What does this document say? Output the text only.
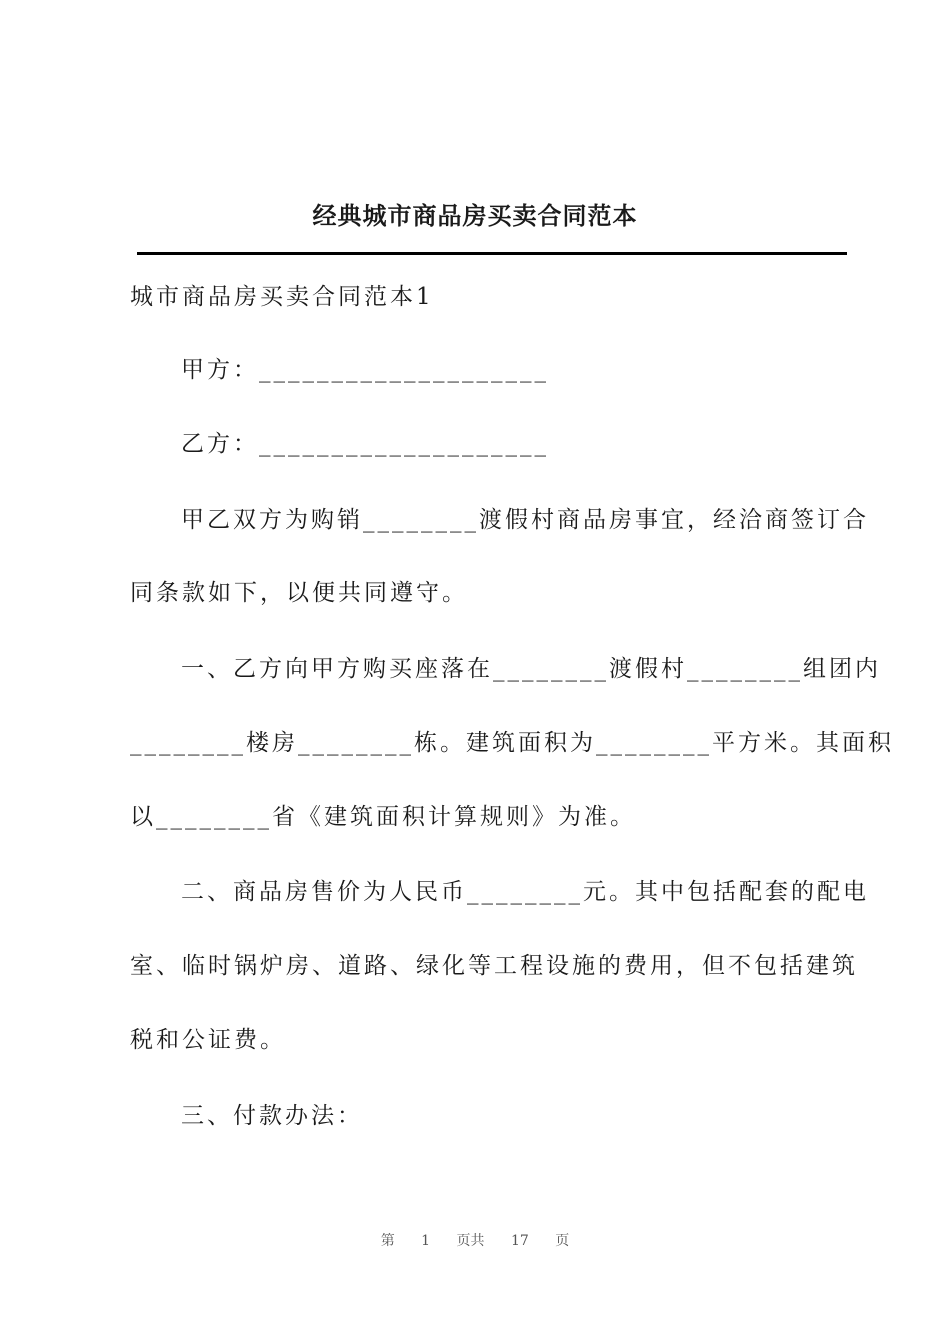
经典城市商品房买卖合同范本
城市商品房买卖合同范本1
甲方：____________________
乙方：____________________
甲乙双方为购销________渡假村商品房事宜，经洽商签订合
同条款如下，以便共同遵守。
一、乙方向甲方购买座落在________渡假村________组团内
________楼房________栋。建筑面积为________平方米。其面积
以________省《建筑面积计算规则》为准。
二、商品房售价为人民币________元。其中包括配套的配电
室、临时锅炉房、道路、绿化等工程设施的费用，但不包括建筑
税和公证费。
三、付款办法：
第 1 页共 17 页
